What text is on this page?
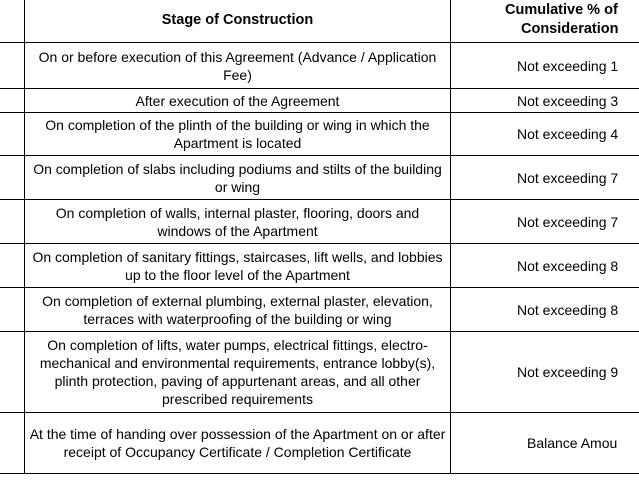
	Stage of Construction	Cumulative % of
Consideration
	On or before execution of this Agreement (Advance / Application Fee)	Not exceeding 1
	After execution of the Agreement	Not exceeding 3
	On completion of the plinth of the building or wing in which the Apartment is located	Not exceeding 4
	On completion of slabs including podiums and stilts of the building or wing	Not exceeding 7
	On completion of walls, internal plaster, flooring, doors and windows of the Apartment	Not exceeding 7
	On completion of sanitary fittings, staircases, lift wells, and lobbies up to the floor level of the Apartment	Not exceeding 8
	On completion of external plumbing, external plaster, elevation, terraces with waterproofing of the building or wing	Not exceeding 8
	On completion of lifts, water pumps, electrical fittings, electro-mechanical and environmental requirements, entrance lobby(s), plinth protection, paving of appurtenant areas, and all other prescribed requirements	Not exceeding 9
	At the time of handing over possession of the Apartment on or after receipt of Occupancy Certificate / Completion Certificate	Balance Amou
